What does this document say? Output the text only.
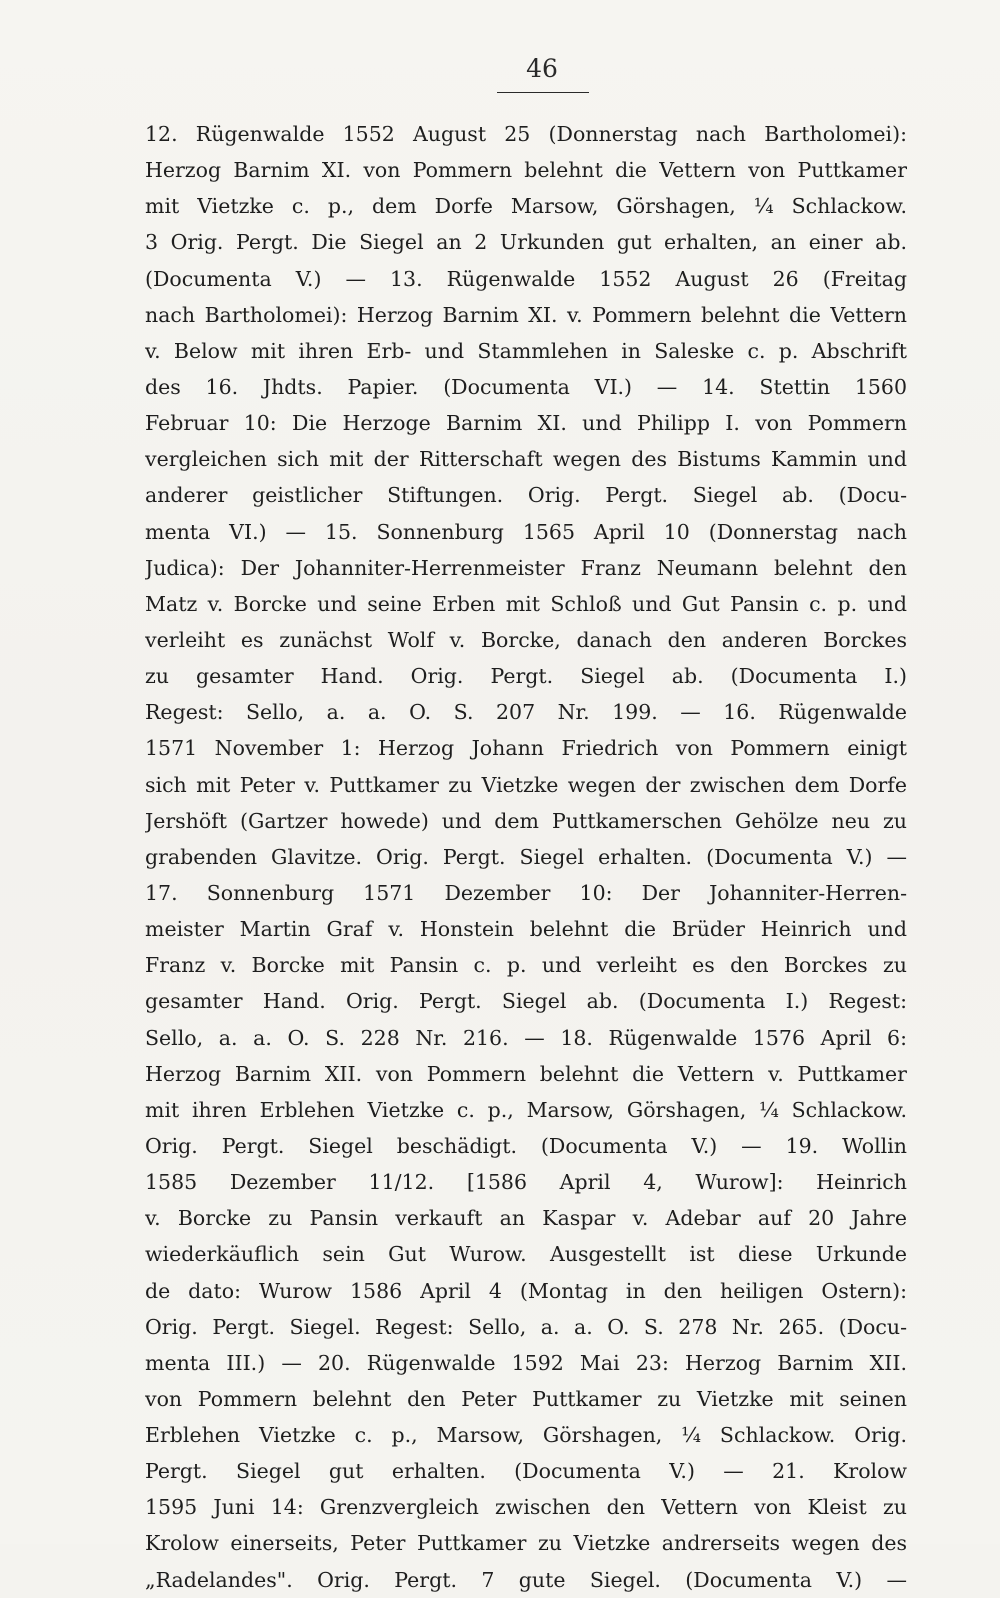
46
12. Rügenwalde 1552 August 25 (Donnerstag nach Bartholomei):
Herzog Barnim XI. von Pommern belehnt die Vettern von Puttkamer
mit Vietzke c. p., dem Dorfe Marsow, Görshagen, ¼ Schlackow.
3 Orig. Pergt. Die Siegel an 2 Urkunden gut erhalten, an einer ab.
(Documenta V.) — 13. Rügenwalde 1552 August 26 (Freitag
nach Bartholomei): Herzog Barnim XI. v. Pommern belehnt die Vettern
v. Below mit ihren Erb- und Stammlehen in Saleske c. p. Abschrift
des 16. Jhdts. Papier. (Documenta VI.) — 14. Stettin 1560
Februar 10: Die Herzoge Barnim XI. und Philipp I. von Pommern
vergleichen sich mit der Ritterschaft wegen des Bistums Kammin und
anderer geistlicher Stiftungen. Orig. Pergt. Siegel ab. (Docu-
menta VI.) — 15. Sonnenburg 1565 April 10 (Donnerstag nach
Judica): Der Johanniter-Herrenmeister Franz Neumann belehnt den
Matz v. Borcke und seine Erben mit Schloß und Gut Pansin c. p. und
verleiht es zunächst Wolf v. Borcke, danach den anderen Borckes
zu gesamter Hand. Orig. Pergt. Siegel ab. (Documenta I.)
Regest: Sello, a. a. O. S. 207 Nr. 199. — 16. Rügenwalde
1571 November 1: Herzog Johann Friedrich von Pommern einigt
sich mit Peter v. Puttkamer zu Vietzke wegen der zwischen dem Dorfe
Jershöft (Gartzer howede) und dem Puttkamerschen Gehölze neu zu
grabenden Glavitze. Orig. Pergt. Siegel erhalten. (Documenta V.) —
17. Sonnenburg 1571 Dezember 10: Der Johanniter-Herren-
meister Martin Graf v. Honstein belehnt die Brüder Heinrich und
Franz v. Borcke mit Pansin c. p. und verleiht es den Borckes zu
gesamter Hand. Orig. Pergt. Siegel ab. (Documenta I.) Regest:
Sello, a. a. O. S. 228 Nr. 216. — 18. Rügenwalde 1576 April 6:
Herzog Barnim XII. von Pommern belehnt die Vettern v. Puttkamer
mit ihren Erblehen Vietzke c. p., Marsow, Görshagen, ¼ Schlackow.
Orig. Pergt. Siegel beschädigt. (Documenta V.) — 19. Wollin
1585 Dezember 11/12. [1586 April 4, Wurow]: Heinrich
v. Borcke zu Pansin verkauft an Kaspar v. Adebar auf 20 Jahre
wiederkäuflich sein Gut Wurow. Ausgestellt ist diese Urkunde
de dato: Wurow 1586 April 4 (Montag in den heiligen Ostern):
Orig. Pergt. Siegel. Regest: Sello, a. a. O. S. 278 Nr. 265. (Docu-
menta III.) — 20. Rügenwalde 1592 Mai 23: Herzog Barnim XII.
von Pommern belehnt den Peter Puttkamer zu Vietzke mit seinen
Erblehen Vietzke c. p., Marsow, Görshagen, ¼ Schlackow. Orig.
Pergt. Siegel gut erhalten. (Documenta V.) — 21. Krolow
1595 Juni 14: Grenzvergleich zwischen den Vettern von Kleist zu
Krolow einerseits, Peter Puttkamer zu Vietzke andrerseits wegen des
„Radelandes". Orig. Pergt. 7 gute Siegel. (Documenta V.) —
